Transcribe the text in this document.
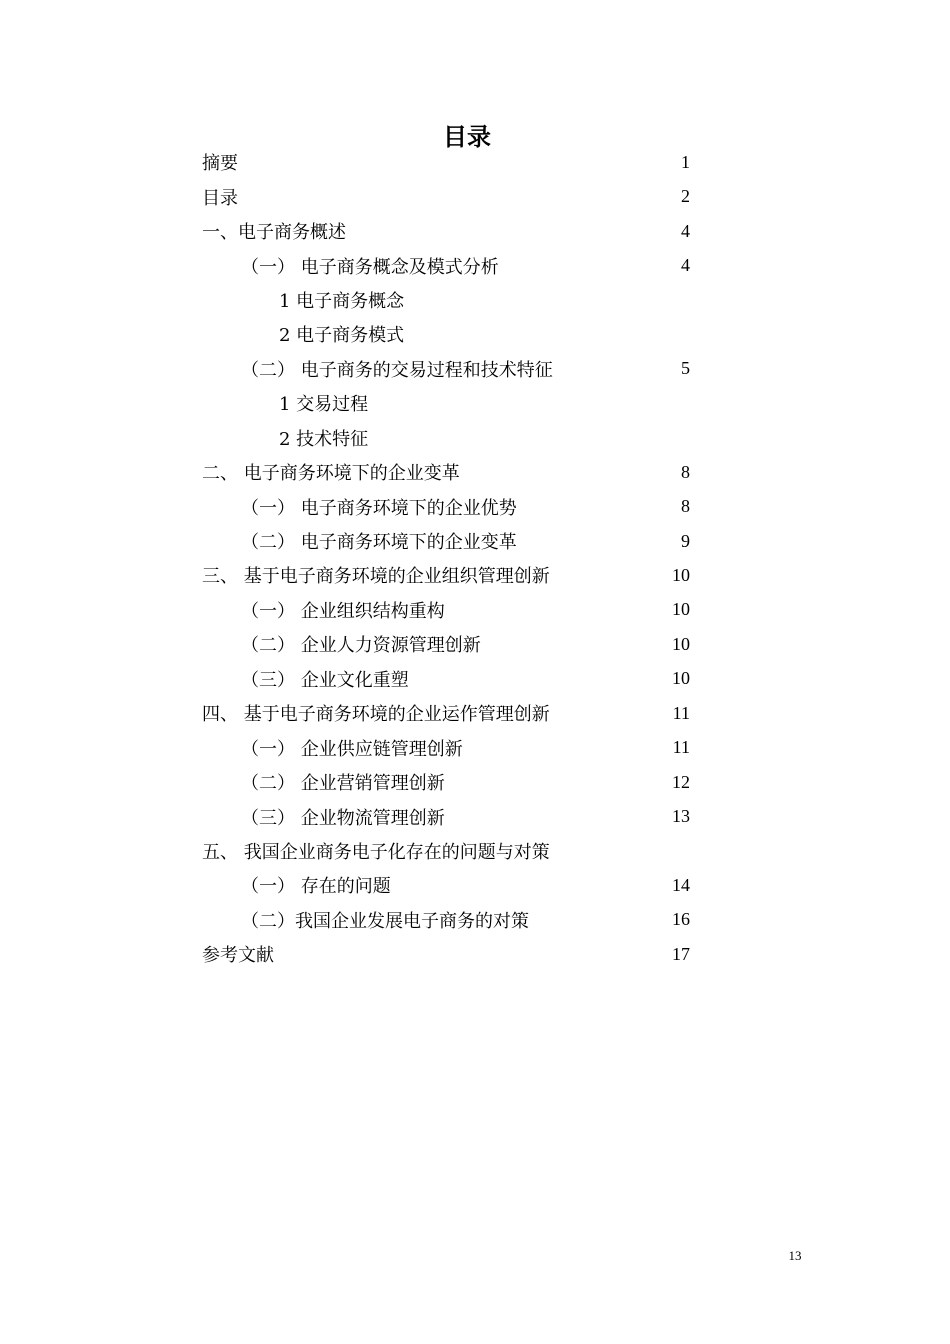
目录
摘要	1
目录	2
一、电子商务概述	4
（一） 电子商务概念及模式分析	4
1 电子商务概念
2 电子商务模式
（二） 电子商务的交易过程和技术特征	5
1 交易过程
2 技术特征
二、 电子商务环境下的企业变革	8
（一） 电子商务环境下的企业优势	8
（二） 电子商务环境下的企业变革	9
三、 基于电子商务环境的企业组织管理创新	10
（一） 企业组织结构重构	10
（二） 企业人力资源管理创新	10
（三） 企业文化重塑	10
四、 基于电子商务环境的企业运作管理创新	11
（一） 企业供应链管理创新	11
（二） 企业营销管理创新	12
（三） 企业物流管理创新	13
五、 我国企业商务电子化存在的问题与对策
（一） 存在的问题	14
（二）我国企业发展电子商务的对策	16
参考文献	17
13
